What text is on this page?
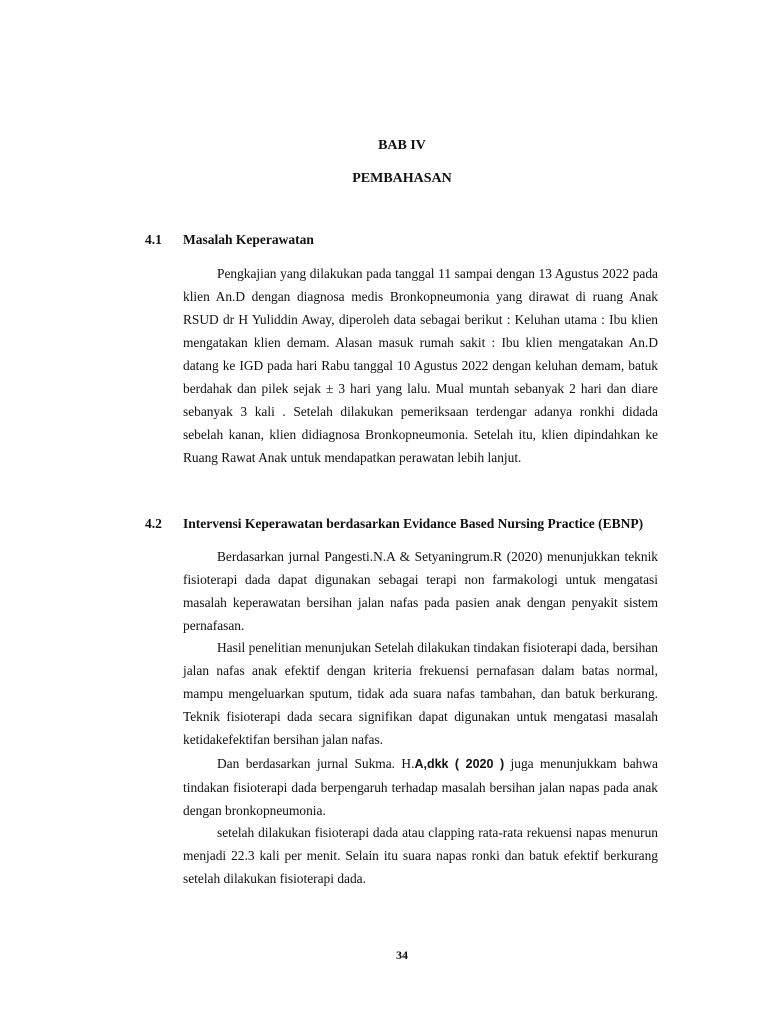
BAB IV
PEMBAHASAN
4.1 Masalah Keperawatan

Pengkajian yang dilakukan pada tanggal 11 sampai dengan 13 Agustus 2022 pada klien An.D dengan diagnosa medis Bronkopneumonia yang dirawat di ruang Anak RSUD dr H Yuliddin Away, diperoleh data sebagai berikut : Keluhan utama : Ibu klien mengatakan klien demam. Alasan masuk rumah sakit : Ibu klien mengatakan An.D datang ke IGD pada hari Rabu tanggal 10 Agustus 2022 dengan keluhan demam, batuk berdahak dan pilek sejak ± 3 hari yang lalu. Mual muntah sebanyak 2 hari dan diare sebanyak 3 kali . Setelah dilakukan pemeriksaan terdengar adanya ronkhi didada sebelah kanan, klien didiagnosa Bronkopneumonia. Setelah itu, klien dipindahkan ke Ruang Rawat Anak untuk mendapatkan perawatan lebih lanjut.

4.2 Intervensi Keperawatan berdasarkan Evidance Based Nursing Practice (EBNP)

Berdasarkan jurnal Pangesti.N.A & Setyaningrum.R (2020) menunjukkan teknik fisioterapi dada dapat digunakan sebagai terapi non farmakologi untuk mengatasi masalah keperawatan bersihan jalan nafas pada pasien anak dengan penyakit sistem pernafasan.

Hasil penelitian menunjukan Setelah dilakukan tindakan fisioterapi dada, bersihan jalan nafas anak efektif dengan kriteria frekuensi pernafasan dalam batas normal, mampu mengeluarkan sputum, tidak ada suara nafas tambahan, dan batuk berkurang. Teknik fisioterapi dada secara signifikan dapat digunakan untuk mengatasi masalah ketidakefektifan bersihan jalan nafas.

Dan berdasarkan jurnal Sukma. H.A,dkk ( 2020 ) juga menunjukkam bahwa tindakan fisioterapi dada berpengaruh terhadap masalah bersihan jalan napas pada anak dengan bronkopneumonia.

setelah dilakukan fisioterapi dada atau clapping rata-rata rekuensi napas menurun menjadi 22.3 kali per menit. Selain itu suara napas ronki dan batuk efektif berkurang setelah dilakukan fisioterapi dada.

34
